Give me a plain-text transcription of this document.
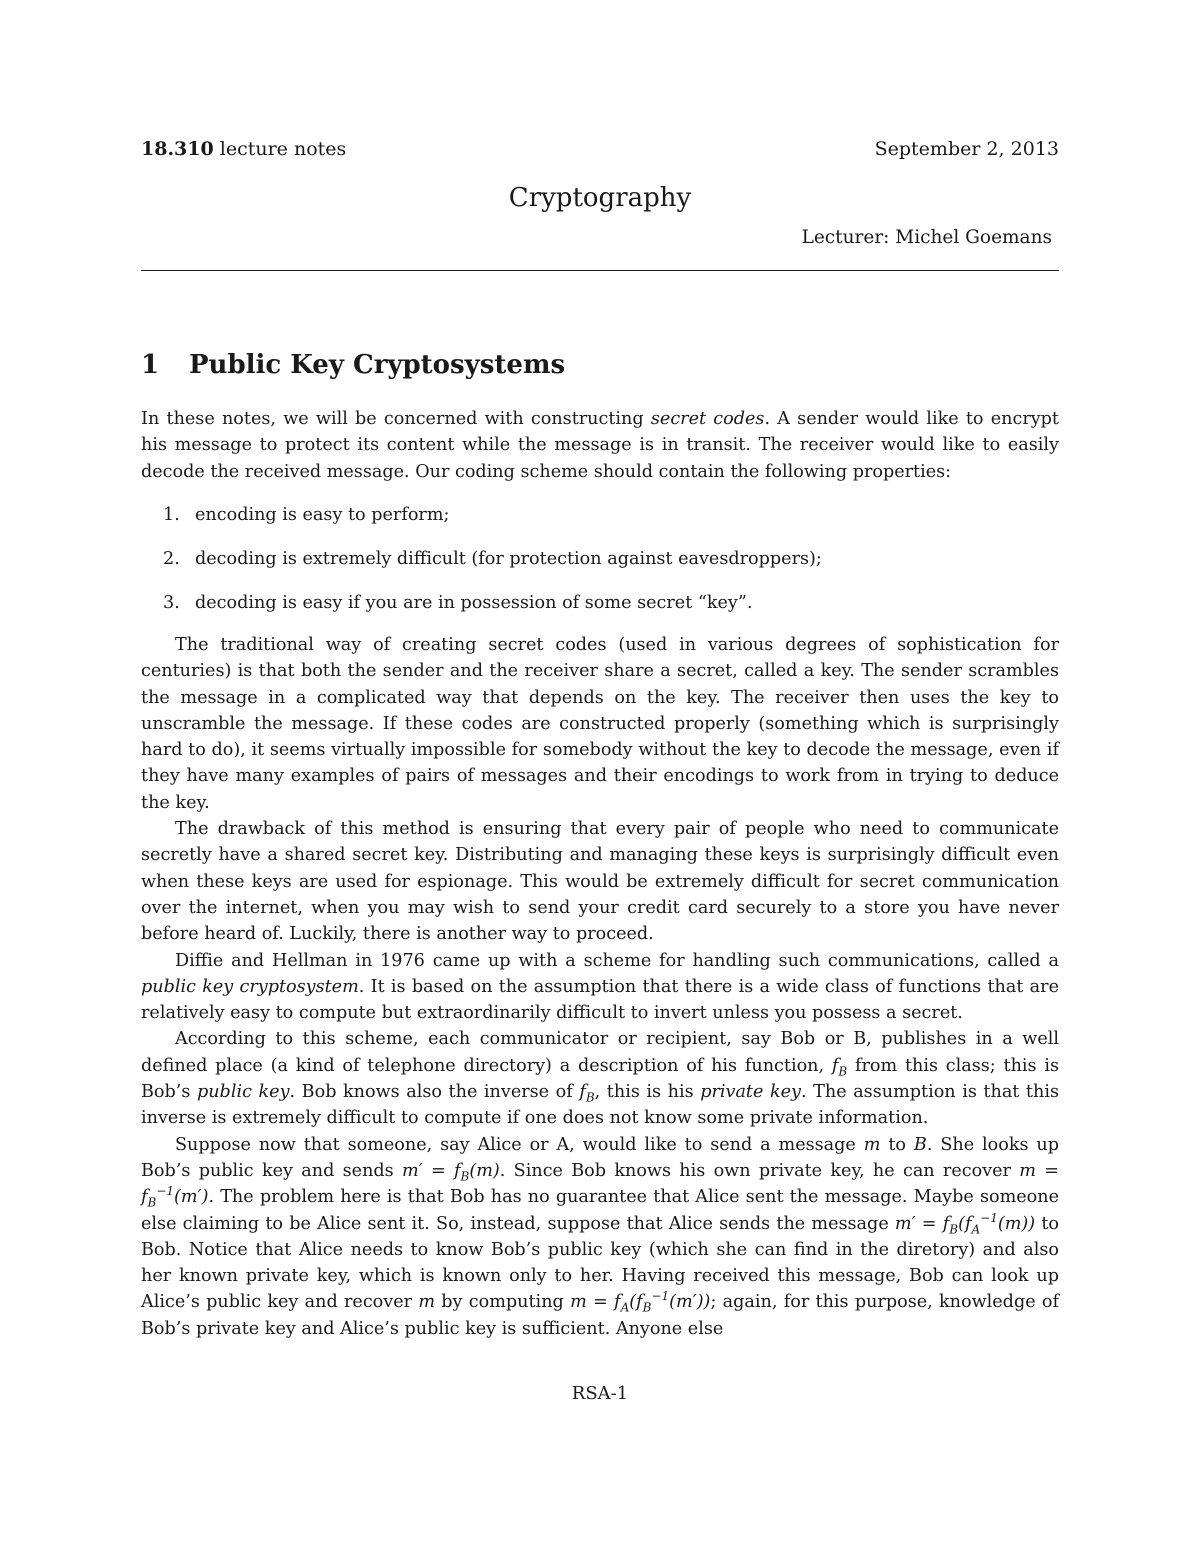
18.310 lecture notes	September 2, 2013
Cryptography
Lecturer: Michel Goemans
1 Public Key Cryptosystems

In these notes, we will be concerned with constructing secret codes. A sender would like to encrypt his message to protect its content while the message is in transit. The receiver would like to easily decode the received message. Our coding scheme should contain the following properties:

1. encoding is easy to perform;
2. decoding is extremely difficult (for protection against eavesdroppers);
3. decoding is easy if you are in possession of some secret “key”.

The traditional way of creating secret codes (used in various degrees of sophistication for centuries) is that both the sender and the receiver share a secret, called a key. The sender scrambles the message in a complicated way that depends on the key. The receiver then uses the key to unscramble the message. If these codes are constructed properly (something which is surprisingly hard to do), it seems virtually impossible for somebody without the key to decode the message, even if they have many examples of pairs of messages and their encodings to work from in trying to deduce the key.

The drawback of this method is ensuring that every pair of people who need to communicate secretly have a shared secret key. Distributing and managing these keys is surprisingly difficult even when these keys are used for espionage. This would be extremely difficult for secret communication over the internet, when you may wish to send your credit card securely to a store you have never before heard of. Luckily, there is another way to proceed.

Diffie and Hellman in 1976 came up with a scheme for handling such communications, called a public key cryptosystem. It is based on the assumption that there is a wide class of functions that are relatively easy to compute but extraordinarily difficult to invert unless you possess a secret.

According to this scheme, each communicator or recipient, say Bob or B, publishes in a well defined place (a kind of telephone directory) a description of his function, $f_B$ from this class; this is Bob’s public key. Bob knows also the inverse of $f_B$, this is his private key. The assumption is that this inverse is extremely difficult to compute if one does not know some private information.

Suppose now that someone, say Alice or A, would like to send a message m to B. She looks up Bob’s public key and sends $m' = f_B(m)$. Since Bob knows his own private key, he can recover $m = f_B^{-1}(m')$. The problem here is that Bob has no guarantee that Alice sent the message. Maybe someone else claiming to be Alice sent it. So, instead, suppose that Alice sends the message $m' = f_B(f_A^{-1}(m))$ to Bob. Notice that Alice needs to know Bob’s public key (which she can find in the diretory) and also her known private key, which is known only to her. Having received this message, Bob can look up Alice’s public key and recover m by computing $m = f_A(f_B^{-1}(m'))$; again, for this purpose, knowledge of Bob’s private key and Alice’s public key is sufficient. Anyone else

RSA-1
